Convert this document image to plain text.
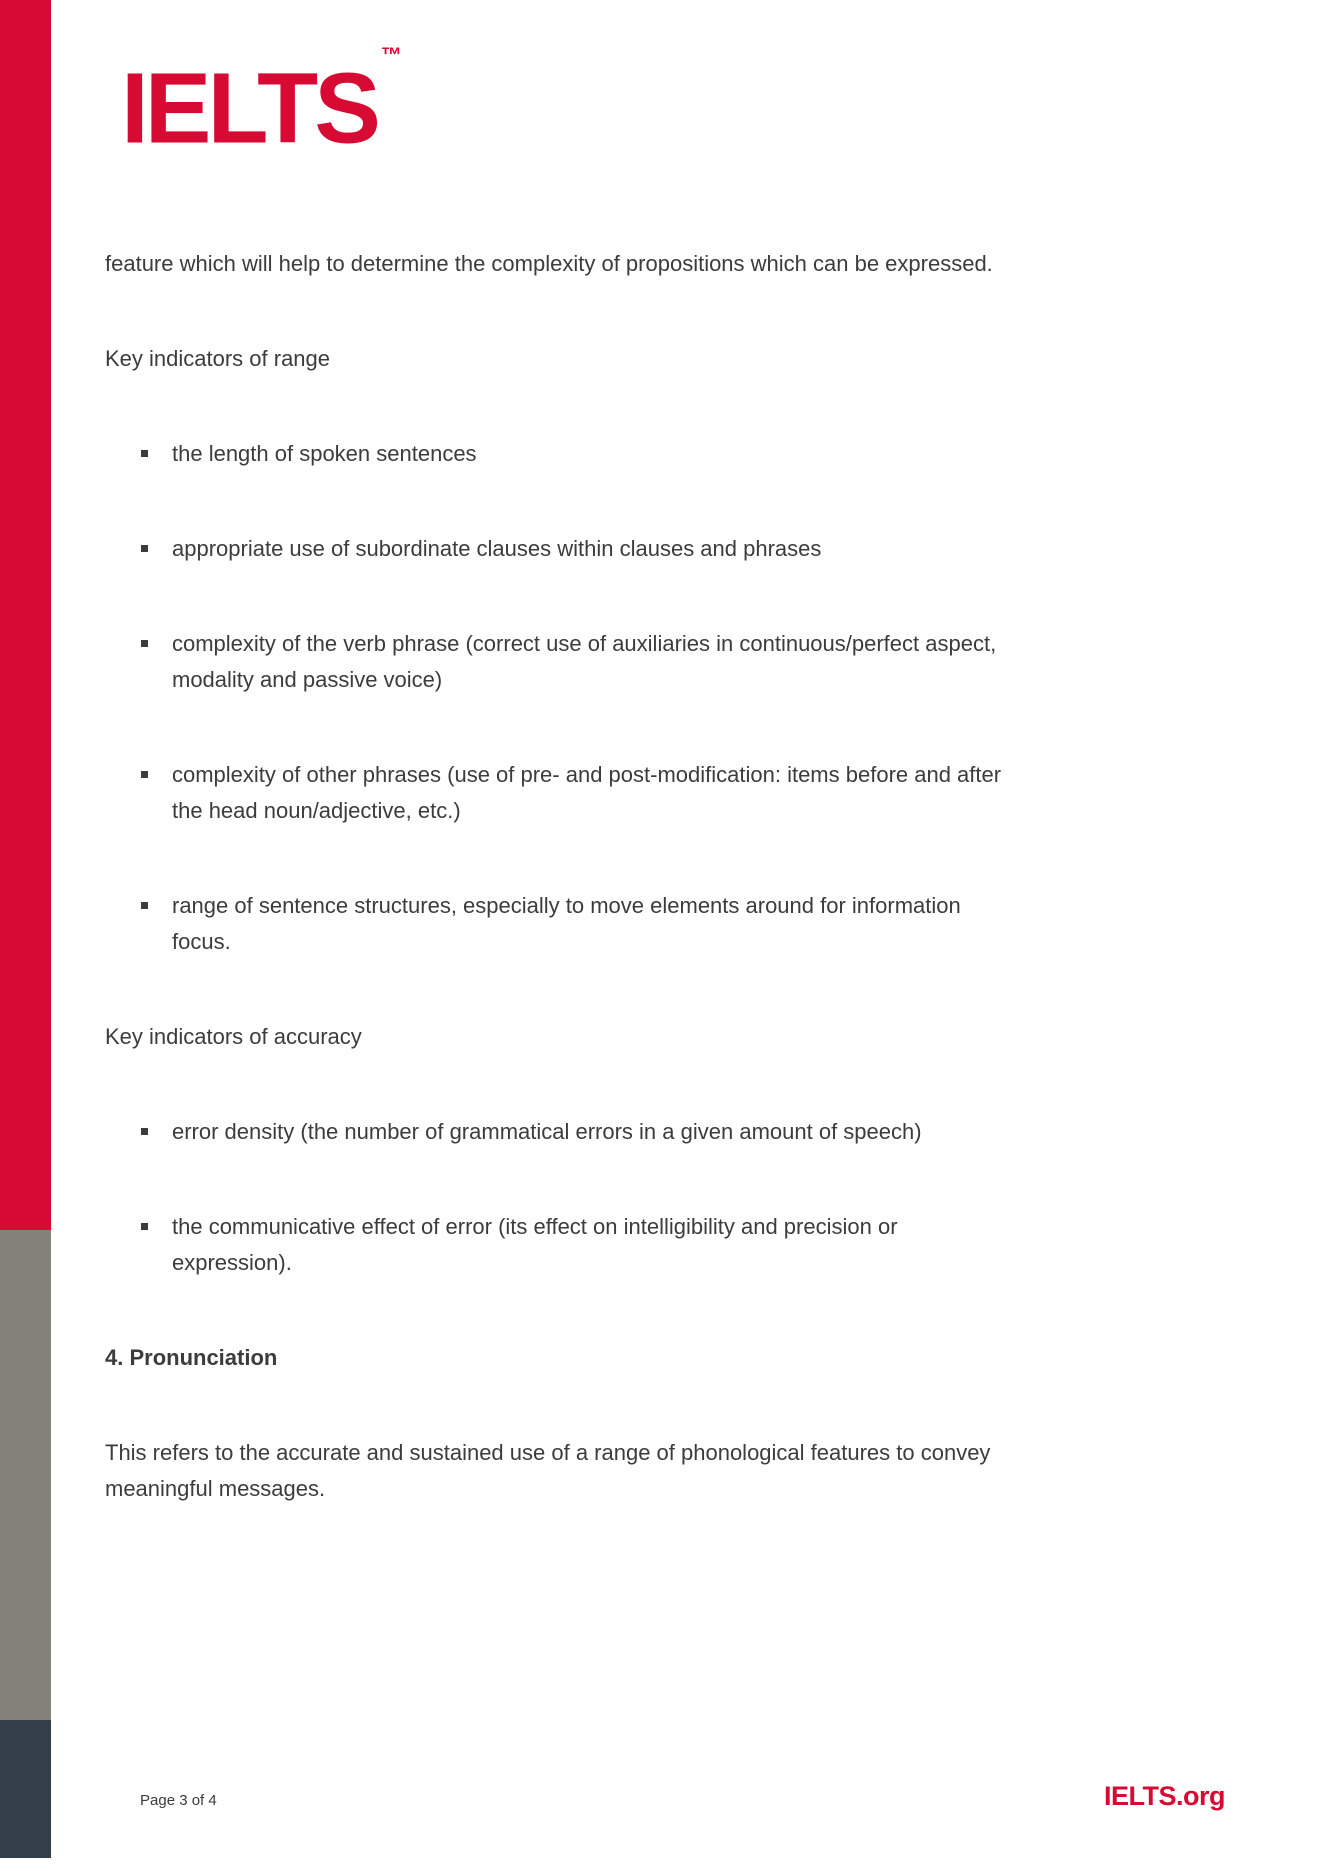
IELTS ™

feature which will help to determine the complexity of propositions which can be expressed.

Key indicators of range

the length of spoken sentences
appropriate use of subordinate clauses within clauses and phrases
complexity of the verb phrase (correct use of auxiliaries in continuous/perfect aspect, modality and passive voice)
complexity of other phrases (use of pre- and post-modification: items before and after the head noun/adjective, etc.)
range of sentence structures, especially to move elements around for information focus.

Key indicators of accuracy

error density (the number of grammatical errors in a given amount of speech)
the communicative effect of error (its effect on intelligibility and precision or expression).

4. Pronunciation

This refers to the accurate and sustained use of a range of phonological features to convey meaningful messages.

Page 3 of 4	IELTS.org
